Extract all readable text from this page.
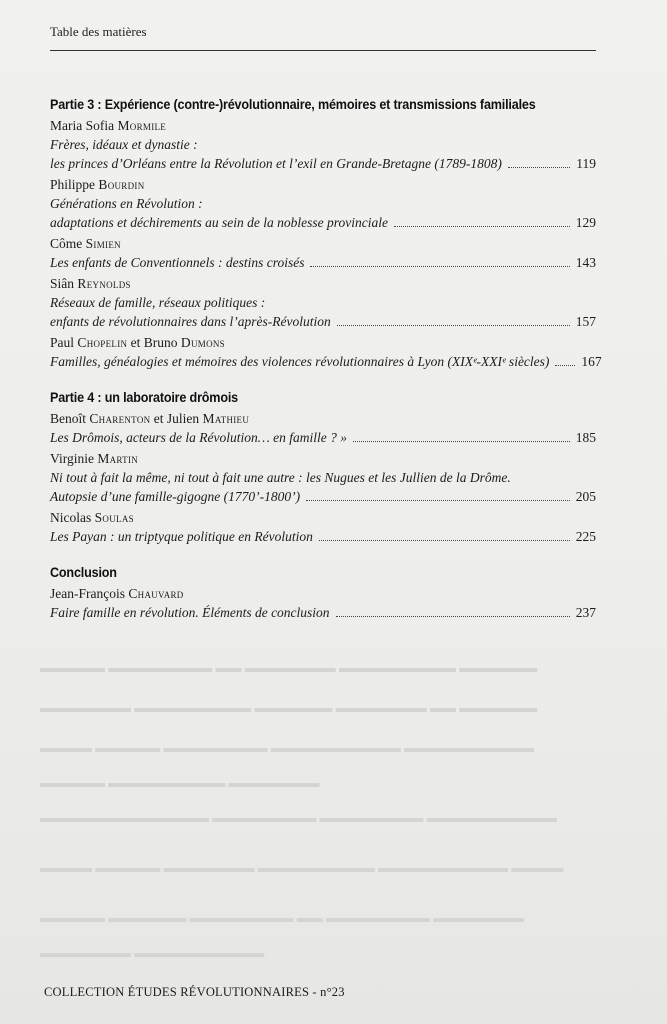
▬▬▬▬▬ ▬▬▬▬▬▬▬▬ ▬▬ ▬▬▬▬▬▬▬ ▬▬▬▬▬▬▬▬▬ ▬▬▬▬▬▬
▬▬▬▬▬▬▬ ▬▬▬▬▬▬▬▬▬ ▬▬▬▬▬▬ ▬▬▬▬▬▬▬ ▬▬ ▬▬▬▬▬▬
▬▬▬▬ ▬▬▬▬▬ ▬▬▬▬▬▬▬▬ ▬▬▬▬▬▬▬▬▬▬ ▬▬▬▬▬▬▬▬▬▬
▬▬▬▬▬ ▬▬▬▬▬▬▬▬▬ ▬▬▬▬▬▬▬
▬▬▬▬▬▬▬▬▬▬▬▬▬ ▬▬▬▬▬▬▬▬ ▬▬▬▬▬▬▬▬ ▬▬▬▬▬▬▬▬▬▬
▬▬▬▬ ▬▬▬▬▬ ▬▬▬▬▬▬▬ ▬▬▬▬▬▬▬▬▬ ▬▬▬▬▬▬▬▬▬▬ ▬▬▬▬
▬▬▬▬▬ ▬▬▬▬▬▬ ▬▬▬▬▬▬▬▬ ▬▬ ▬▬▬▬▬▬▬▬ ▬▬▬▬▬▬▬
▬▬▬▬▬▬▬ ▬▬▬▬▬▬▬▬▬▬
Table des matières
Partie 3 : Expérience (contre-)révolutionnaire, mémoires et transmissions familiales
Maria Sofia Mormile
Frères, idéaux et dynastie :
les princes d’Orléans entre la Révolution et l’exil en Grande-Bretagne (1789-1808)	119
Philippe Bourdin
Générations en Révolution :
adaptations et déchirements au sein de la noblesse provinciale	129
Côme Simien
Les enfants de Conventionnels : destins croisés	143
Siân Reynolds
Réseaux de famille, réseaux politiques :
enfants de révolutionnaires dans l’après-Révolution	157
Paul Chopelin et Bruno Dumons
Familles, généalogies et mémoires des violences révolutionnaires à Lyon (XIXᵉ-XXIᵉ siècles) 167
Partie 4 : un laboratoire drômois
Benoît Charenton et Julien Mathieu
Les Drômois, acteurs de la Révolution… en famille ? »	185
Virginie Martin
Ni tout à fait la même, ni tout à fait une autre : les Nugues et les Jullien de la Drôme.
Autopsie d’une famille-gigogne (1770’-1800’)	205
Nicolas Soulas
Les Payan : un triptyque politique en Révolution	225
Conclusion
Jean-François Chauvard
Faire famille en révolution. Éléments de conclusion	237
COLLECTION ÉTUDES RÉVOLUTIONNAIRES - n°23
